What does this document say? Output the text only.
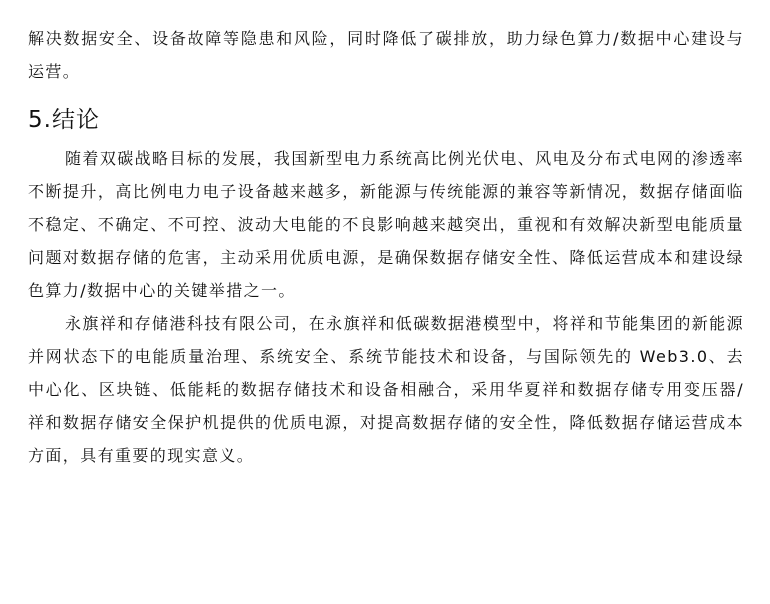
解决数据安全、设备故障等隐患和风险，同时降低了碳排放，助力绿色算力/数据中心建设与运营。

5.结论

随着双碳战略目标的发展，我国新型电力系统高比例光伏电、风电及分布式电网的渗透率不断提升，高比例电力电子设备越来越多，新能源与传统能源的兼容等新情况，数据存储面临不稳定、不确定、不可控、波动大电能的不良影响越来越突出，重视和有效解决新型电能质量问题对数据存储的危害，主动采用优质电源，是确保数据存储安全性、降低运营成本和建设绿色算力/数据中心的关键举措之一。

永旗祥和存储港科技有限公司，在永旗祥和低碳数据港模型中，将祥和节能集团的新能源并网状态下的电能质量治理、系统安全、系统节能技术和设备，与国际领先的 Web3.0、去中心化、区块链、低能耗的数据存储技术和设备相融合，采用华夏祥和数据存储专用变压器/祥和数据存储安全保护机提供的优质电源，对提高数据存储的安全性，降低数据存储运营成本方面，具有重要的现实意义。
